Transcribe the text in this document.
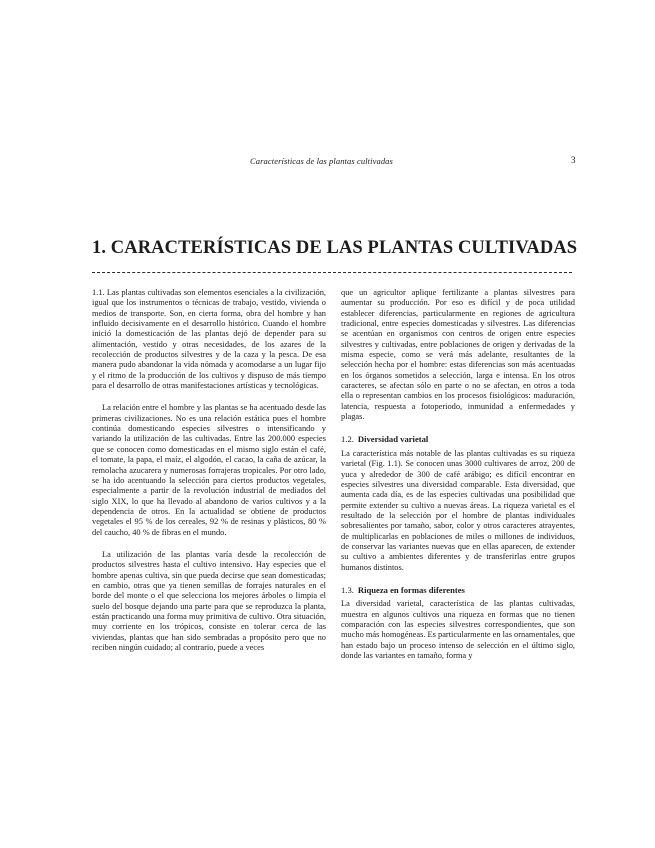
Características de las plantas cultivadas	3
1. CARACTERÍSTICAS DE LAS PLANTAS CULTIVADAS

1.1. Las plantas cultivadas son elementos esenciales a la civilización, igual que los instrumentos o técnicas de trabajo, vestido, vivienda o medios de transporte. Son, en cierta forma, obra del hombre y han influido decisivamente en el desarrollo histórico. Cuando el hombre inició la domesticación de las plantas dejó de depender para su alimentación, vestido y otras necesidades, de los azares de la recolección de productos silvestres y de la caza y la pesca. De esa manera pudo abandonar la vida nómada y acomodarse a un lugar fijo y el ritmo de la producción de los cultivos y dispuso de más tiempo para el desarrollo de otras manifestaciones artísticas y tecnológicas.

La relación entre el hombre y las plantas se ha acentuado desde las primeras civilizaciones. No es una relación estática pues el hombre continúa domesticando especies silvestres o intensificando y variando la utilización de las cultivadas. Entre las 200.000 especies que se conocen como domesticadas en el mismo siglo están el café, el tomate, la papa, el maíz, el algodón, el cacao, la caña de azúcar, la remolacha azucarera y numerosas forrajeras tropicales. Por otro lado, se ha ido acentuando la selección para ciertos productos vegetales, especialmente a partir de la revolución industrial de mediados del siglo XIX, lo que ha llevado al abandono de varios cultivos y a la dependencia de otros. En la actualidad se obtiene de productos vegetales el 95 % de los cereales, 92 % de resinas y plásticos, 80 % del caucho, 40 % de fibras en el mundo.

La utilización de las plantas varía desde la recolección de productos silvestres hasta el cultivo intensivo. Hay especies que el hombre apenas cultiva, sin que pueda decirse que sean domesticadas; en cambio, otras que ya tienen semillas de forrajes naturales en el borde del monte o el que selecciona los mejores árboles o limpia el suelo del bosque dejando una parte para que se reproduzca la planta, están practicando una forma muy primitiva de cultivo. Otra situación, muy corriente en los trópicos, consiste en tolerar cerca de las viviendas, plantas que han sido sembradas a propósito pero que no reciben ningún cuidado; al contrario, puede a veces

que un agricultor aplique fertilizante a plantas silvestres para aumentar su producción. Por eso es difícil y de poca utilidad establecer diferencias, particularmente en regiones de agricultura tradicional, entre especies domesticadas y silvestres. Las diferencias se acentúan en organismos con centros de origen entre especies silvestres y cultivadas, entre poblaciones de origen y derivadas de la misma especie, como se verá más adelante, resultantes de la selección hecha por el hombre: estas diferencias son más acentuadas en los órganos sometidos a selección, larga e intensa. En los otros caracteres, se afectan sólo en parte o no se afectan, en otros a toda ella o representan cambios en los procesos fisiológicos: maduración, latencia, respuesta a fotoperiodo, inmunidad a enfermedades y plagas.

1.2. Diversidad varietal

La característica más notable de las plantas cultivadas es su riqueza varietal (Fig. 1.1). Se conocen unas 3000 cultivares de arroz, 200 de yuca y alrededor de 300 de café arábigo; es difícil encontrar en especies silvestres una diversidad comparable. Esta diversidad, que aumenta cada día, es de las especies cultivadas una posibilidad que permite extender su cultivo a nuevas áreas. La riqueza varietal es el resultado de la selección por el hombre de plantas individuales sobresalientes por tamaño, sabor, color y otros caracteres atrayentes, de multiplicarlas en poblaciones de miles o millones de individuos, de conservar las variantes nuevas que en ellas aparecen, de extender su cultivo a ambientes diferentes y de transferirlas entre grupos humanos distintos.

1.3. Riqueza en formas diferentes

La diversidad varietal, característica de las plantas cultivadas, muestra en algunos cultivos una riqueza en formas que no tienen comparación con las especies silvestres correspondientes, que son mucho más homogéneas. Es particularmente en las ornamentales, que han estado bajo un proceso intenso de selección en el último siglo, donde las variantes en tamaño, forma y
